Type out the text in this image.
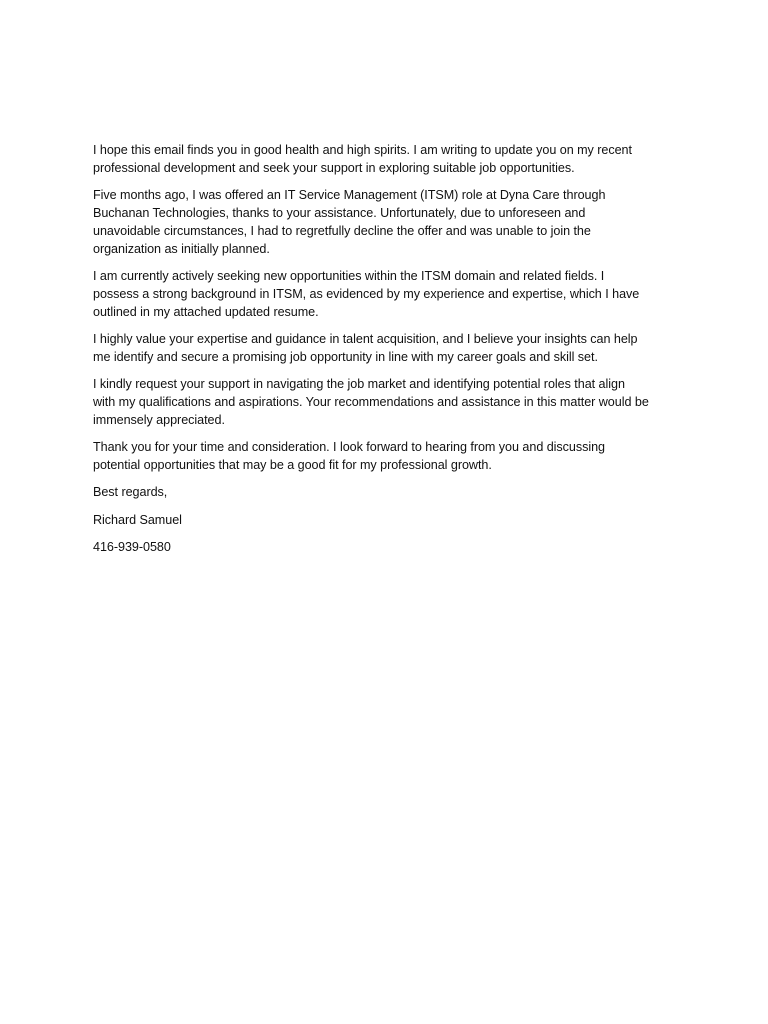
I hope this email finds you in good health and high spirits. I am writing to update you on my recent
professional development and seek your support in exploring suitable job opportunities.

Five months ago, I was offered an IT Service Management (ITSM) role at Dyna Care through
Buchanan Technologies, thanks to your assistance. Unfortunately, due to unforeseen and
unavoidable circumstances, I had to regretfully decline the offer and was unable to join the
organization as initially planned.

I am currently actively seeking new opportunities within the ITSM domain and related fields. I
possess a strong background in ITSM, as evidenced by my experience and expertise, which I have
outlined in my attached updated resume.

I highly value your expertise and guidance in talent acquisition, and I believe your insights can help
me identify and secure a promising job opportunity in line with my career goals and skill set.

I kindly request your support in navigating the job market and identifying potential roles that align
with my qualifications and aspirations. Your recommendations and assistance in this matter would be
immensely appreciated.

Thank you for your time and consideration. I look forward to hearing from you and discussing
potential opportunities that may be a good fit for my professional growth.

Best regards,

Richard Samuel

416-939-0580
